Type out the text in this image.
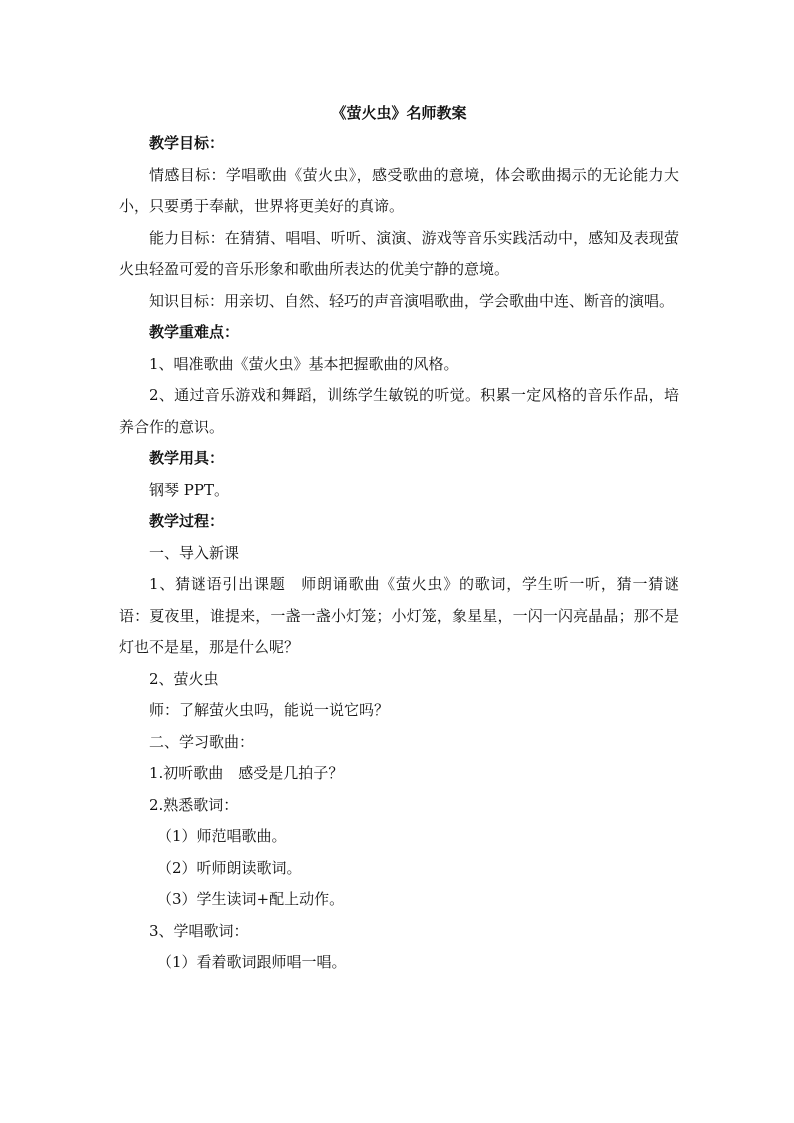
《萤火虫》名师教案

教学目标：

情感目标：学唱歌曲《萤火虫》，感受歌曲的意境，体会歌曲揭示的无论能力大小，只要勇于奉献，世界将更美好的真谛。

能力目标：在猜猜、唱唱、听听、演演、游戏等音乐实践活动中，感知及表现萤火虫轻盈可爱的音乐形象和歌曲所表达的优美宁静的意境。

知识目标：用亲切、自然、轻巧的声音演唱歌曲，学会歌曲中连、断音的演唱。

教学重难点：

1、唱准歌曲《萤火虫》基本把握歌曲的风格。

2、通过音乐游戏和舞蹈，训练学生敏锐的听觉。积累一定风格的音乐作品，培养合作的意识。

教学用具：

钢琴 PPT。

教学过程：

一、导入新课

1、猜谜语引出课题　师朗诵歌曲《萤火虫》的歌词，学生听一听，猜一猜谜语：夏夜里，谁提来，一盏一盏小灯笼；小灯笼，象星星，一闪一闪亮晶晶；那不是灯也不是星，那是什么呢？

2、萤火虫

师：了解萤火虫吗，能说一说它吗？

二、学习歌曲：

1.初听歌曲　感受是几拍子？

2.熟悉歌词：

（1）师范唱歌曲。

（2）听师朗读歌词。

（3）学生读词+配上动作。

3、学唱歌词：

（1）看着歌词跟师唱一唱。
